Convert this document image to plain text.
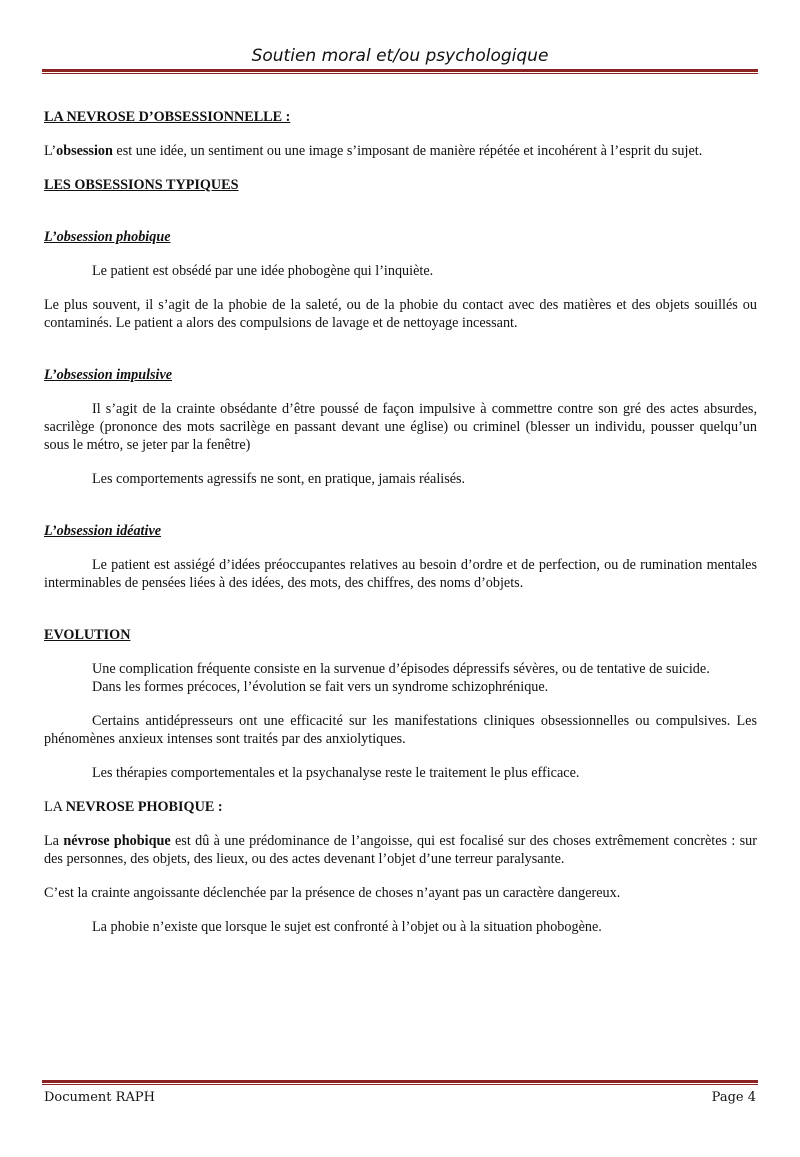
Soutien moral et/ou psychologique

LA NEVROSE D’OBSESSIONNELLE :

L’obsession est une idée, un sentiment ou une image s’imposant de manière répétée et incohérent à l’esprit du sujet.

LES OBSESSIONS TYPIQUES

L’obsession phobique

Le patient est obsédé par une idée phobogène qui l’inquiète.

Le plus souvent, il s’agit de la phobie de la saleté, ou de la phobie du contact avec des matières et des objets souillés ou contaminés. Le patient a alors des compulsions de lavage et de nettoyage incessant.

L’obsession impulsive

Il s’agit de la crainte obsédante d’être poussé de façon impulsive à commettre contre son gré des actes absurdes, sacrilège (prononce des mots sacrilège en passant devant une église) ou criminel (blesser un individu, pousser quelqu’un sous le métro, se jeter par la fenêtre)

Les comportements agressifs ne sont, en pratique, jamais réalisés.

L’obsession idéative

Le patient est assiégé d’idées préoccupantes relatives au besoin d’ordre et de perfection, ou de rumination mentales interminables de pensées liées à des idées, des mots, des chiffres, des noms d’objets.

EVOLUTION

Une complication fréquente consiste en la survenue d’épisodes dépressifs sévères, ou de tentative de suicide.

Dans les formes précoces, l’évolution se fait vers un syndrome schizophrénique.

Certains antidépresseurs ont une efficacité sur les manifestations cliniques obsessionnelles ou compulsives. Les phénomènes anxieux intenses sont traités par des anxiolytiques.

Les thérapies comportementales et la psychanalyse reste le traitement le plus efficace.

LA NEVROSE PHOBIQUE :

La névrose phobique est dû à une prédominance de l’angoisse, qui est focalisé sur des choses extrêmement concrètes : sur des personnes, des objets, des lieux, ou des actes devenant l’objet d’une terreur paralysante.

C’est la crainte angoissante déclenchée par la présence de choses n’ayant pas un caractère dangereux.

La phobie n’existe que lorsque le sujet est confronté à l’objet ou à la situation phobogène.

Document RAPH	Page 4
